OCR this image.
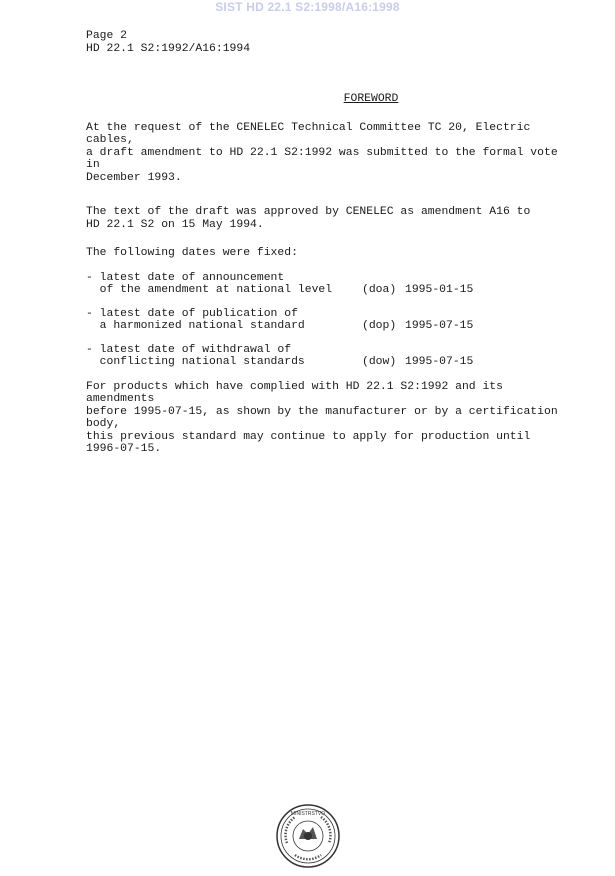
SIST HD 22.1 S2:1998/A16:1998

Page 2

HD 22.1 S2:1992/A16:1994

FOREWORD

At the request of the CENELEC Technical Committee TC 20, Electric cables,

a draft amendment to HD 22.1 S2:1992 was submitted to the formal vote in

December 1993.

The text of the draft was approved by CENELEC as amendment A16 to

HD 22.1 S2 on 15 May 1994.

The following dates were fixed:

- latest date of announcement
of the amendment at national level	(doa) 1995-01-15
- latest date of publication of
a harmonized national standard	(dop) 1995-07-15
- latest date of withdrawal of
conflicting national standards	(dow) 1995-07-15

For products which have complied with HD 22.1 S2:1992 and its amendments

before 1995-07-15, as shown by the manufacturer or by a certification body,

this previous standard may continue to apply for production until

1996-07-15.

MINISTRSTVO
